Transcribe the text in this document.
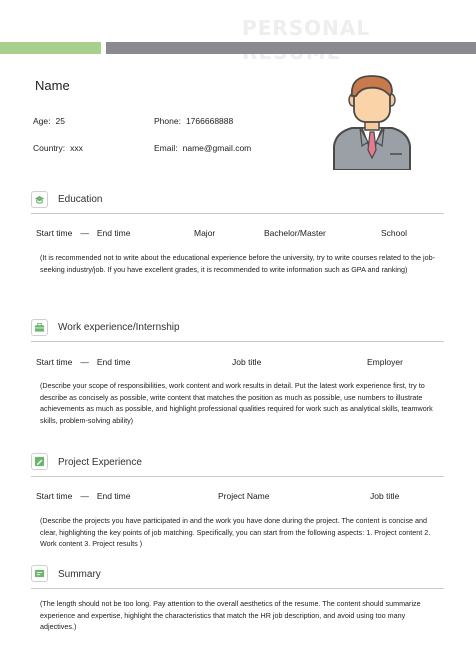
PERSONAL
Name
Age: 25	Phone: 1766668888
Country: xxx	Email: name@gmail.com
Education
Start time — End time	Major	Bachelor/Master	School
(It is recommended not to write about the educational experience before the university, try to write courses related to the job-seeking industry/job. If you have excellent grades, it is recommended to write information such as GPA and ranking)
Work experience/Internship
Start time — End time	Job title	Employer
(Describe your scope of responsibilities, work content and work results in detail. Put the latest work experience first, try to describe as concisely as possible, write content that matches the position as much as possible, use numbers to illustrate achievements as much as possible, and highlight professional qualities required for work such as analytical skills, teamwork skills, problem-solving ability)
Project Experience
Start time — End time	Project Name	Job title
(Describe the projects you have participated in and the work you have done during the project. The content is concise and clear, highlighting the key points of job matching. Specifically, you can start from the following aspects: 1. Project content 2. Work content 3. Project results )
Summary
(The length should not be too long. Pay attention to the overall aesthetics of the resume. The content should summarize experience and expertise, highlight the characteristics that match the HR job description, and avoid using too many adjectives.)
